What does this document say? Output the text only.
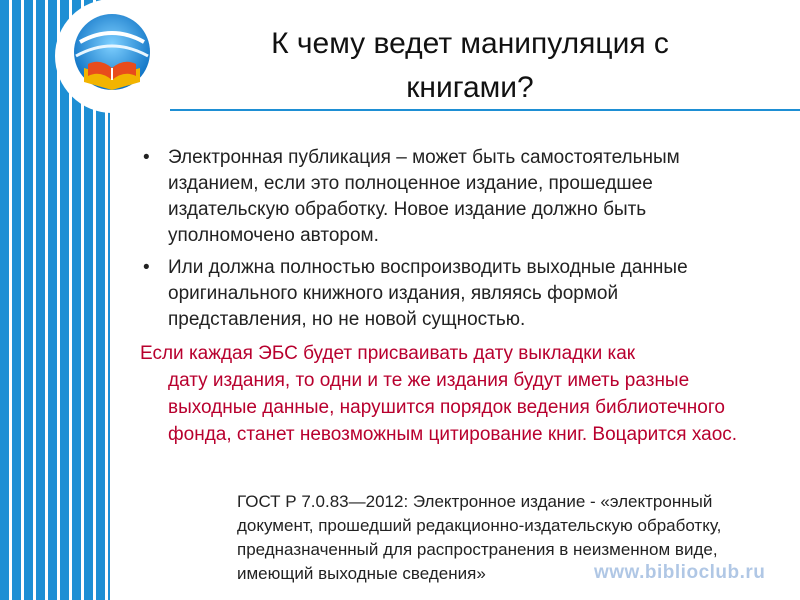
К чему ведет манипуляция с
книгами?
• Электронная публикация – может быть самостоятельным изданием, если это полноценное издание, прошедшее издательскую обработку. Новое издание должно быть уполномочено автором.
• Или должна полностью воспроизводить выходные данные оригинального книжного издания, являясь формой представления, но не новой сущностью.

Если каждая ЭБС будет присваивать дату выкладки как
дату издания, то одни и те же издания будут иметь разные выходные данные, нарушится порядок ведения библиотечного фонда, станет невозможным цитирование книг. Воцарится хаос.

ГОСТ Р 7.0.83—2012: Электронное издание - «электронный документ, прошедший редакционно-издательскую обработку, предназначенный для распространения в неизменном виде, имеющий выходные сведения»	www.biblioclub.ru
